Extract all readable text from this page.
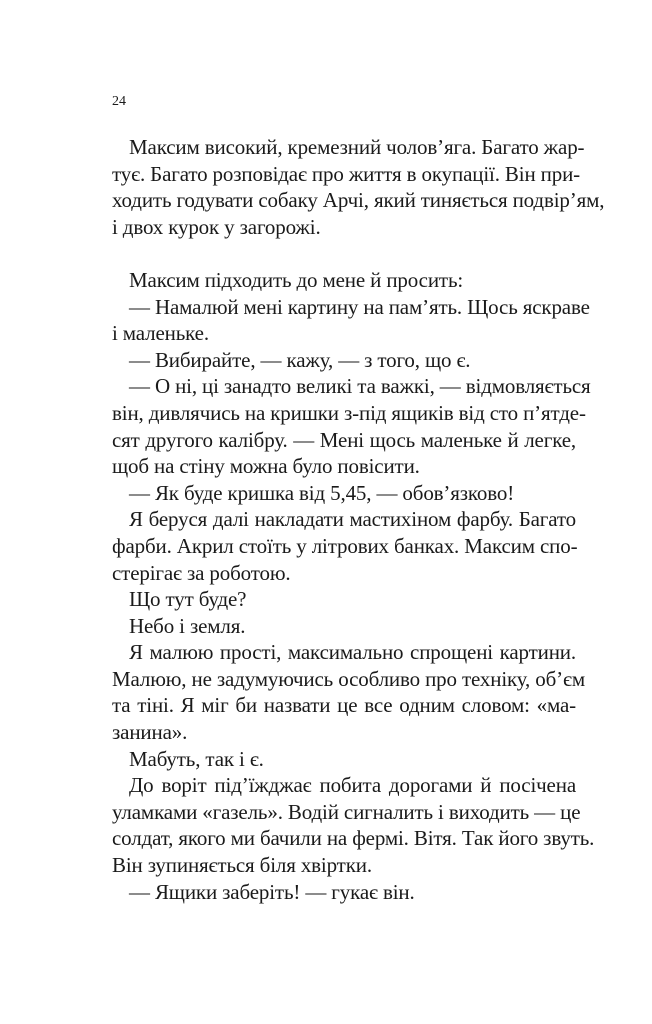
24
Максим високий, кремезний чолов’яга. Багато жар-
тує. Багато розповідає про життя в окупації. Він при-
ходить годувати собаку Арчі, який тиняється подвір’ям,
і двох курок у загорожі.
Максим підходить до мене й просить:
— Намалюй мені картину на пам’ять. Щось яскраве
і маленьке.
— Вибирайте, — кажу, — з того, що є.
— О ні, ці занадто великі та важкі, — відмовляється
він, дивлячись на кришки з-під ящиків від сто п’ятде-
сят другого калібру. — Мені щось маленьке й легке,
щоб на стіну можна було повісити.
— Як буде кришка від 5,45, — обов’язково!
Я беруся далі накладати мастихіном фарбу. Багато
фарби. Акрил стоїть у літрових банках. Максим спо-
стерігає за роботою.
Що тут буде?
Небо і земля.
Я малюю прості, максимально спрощені картини.
Малюю, не задумуючись особливо про техніку, об’єм
та тіні. Я міг би назвати це все одним словом: «ма-
занина».
Мабуть, так і є.
До воріт під’їжджає побита дорогами й посічена
уламками «газель». Водій сигналить і виходить — це
солдат, якого ми бачили на фермі. Вітя. Так його звуть.
Він зупиняється біля хвіртки.
— Ящики заберіть! — гукає він.
